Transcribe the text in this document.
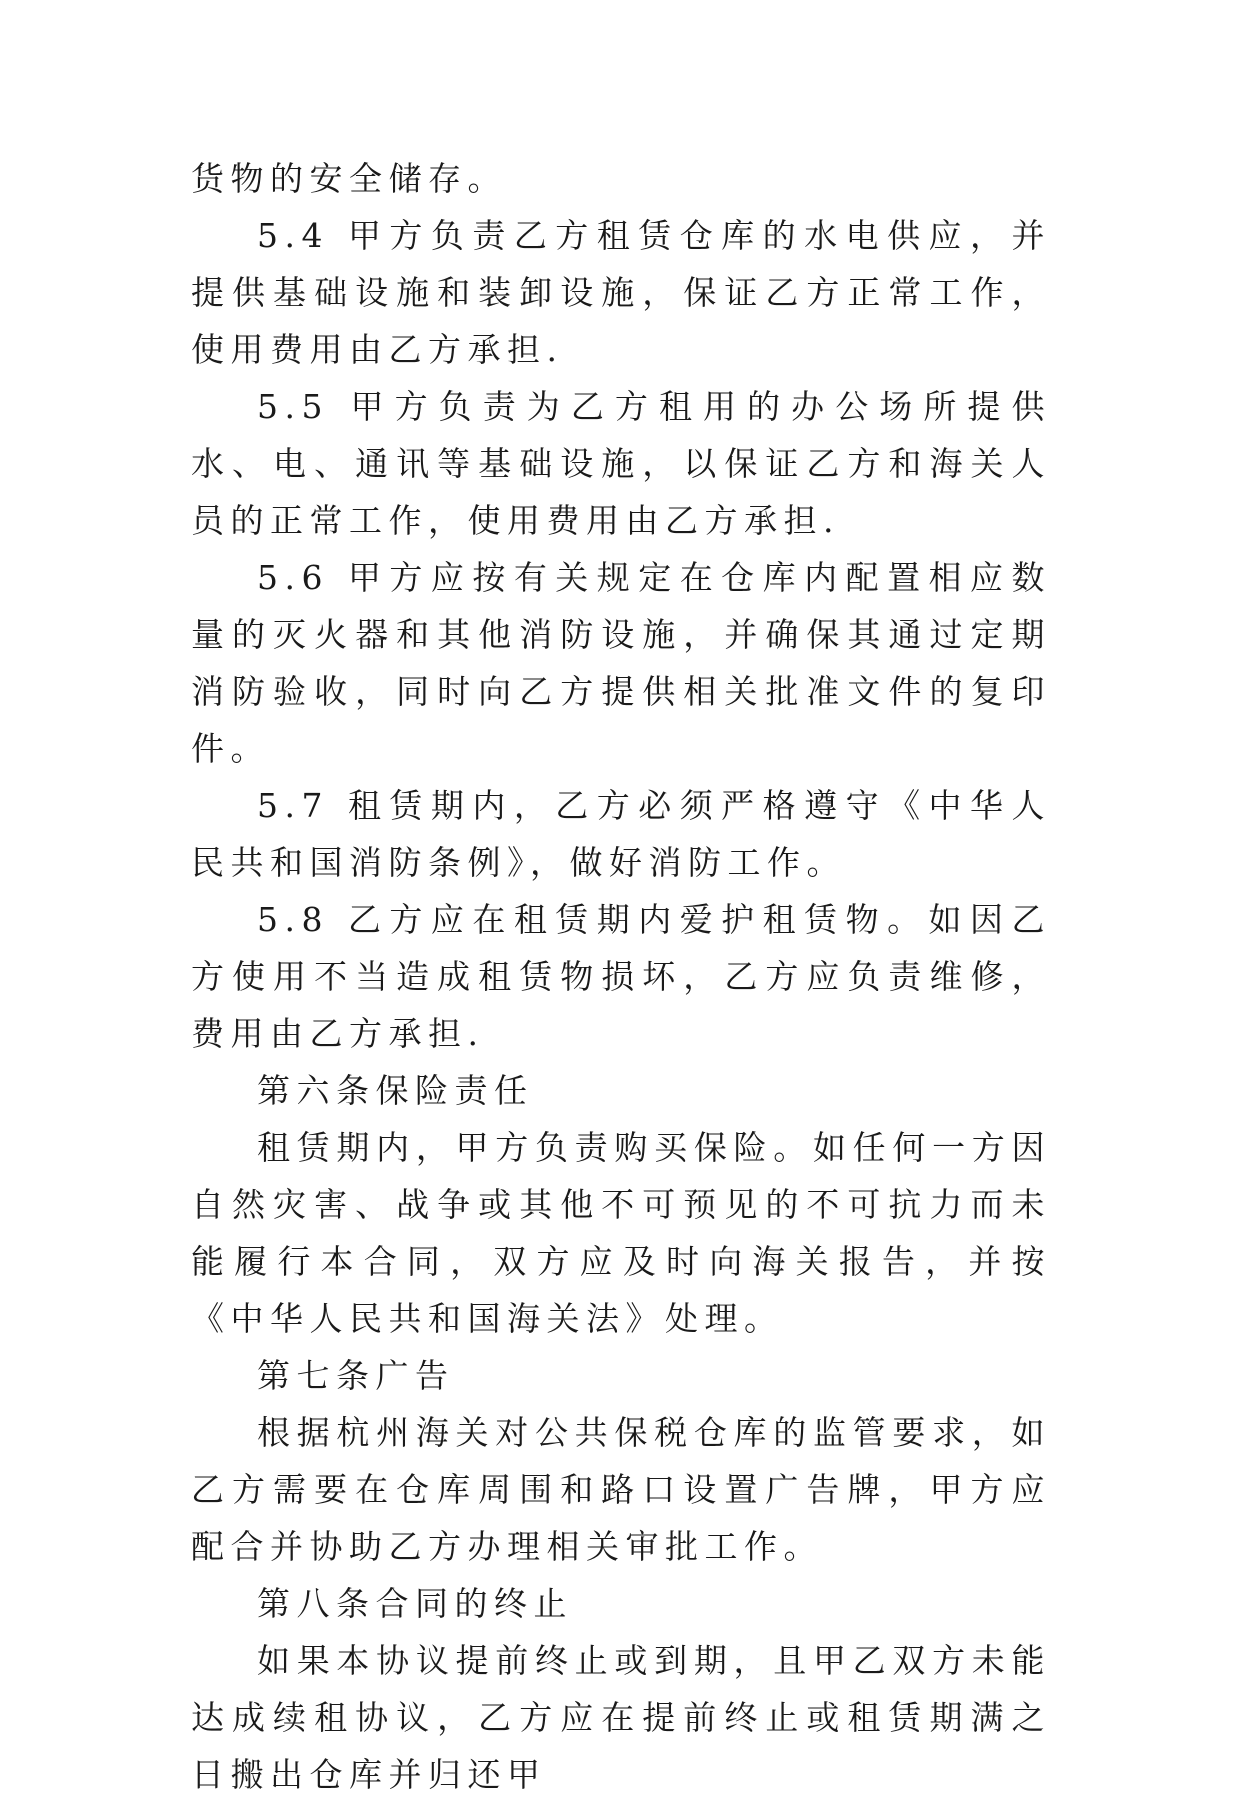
货物的安全储存。

5.4 甲方负责乙方租赁仓库的水电供应，并提供基础设施和装卸设施，保证乙方正常工作，使用费用由乙方承担.

5.5 甲方负责为乙方租用的办公场所提供水、电、通讯等基础设施，以保证乙方和海关人员的正常工作，使用费用由乙方承担.

5.6 甲方应按有关规定在仓库内配置相应数量的灭火器和其他消防设施，并确保其通过定期消防验收，同时向乙方提供相关批准文件的复印件。

5.7 租赁期内，乙方必须严格遵守《中华人民共和国消防条例》，做好消防工作。

5.8 乙方应在租赁期内爱护租赁物。如因乙方使用不当造成租赁物损坏，乙方应负责维修，费用由乙方承担.

第六条保险责任

租赁期内，甲方负责购买保险。如任何一方因自然灾害、战争或其他不可预见的不可抗力而未能履行本合同，双方应及时向海关报告，并按《中华人民共和国海关法》处理。

第七条广告

根据杭州海关对公共保税仓库的监管要求，如乙方需要在仓库周围和路口设置广告牌，甲方应配合并协助乙方办理相关审批工作。

第八条合同的终止

如果本协议提前终止或到期，且甲乙双方未能达成续租协议，乙方应在提前终止或租赁期满之日搬出仓库并归还甲
